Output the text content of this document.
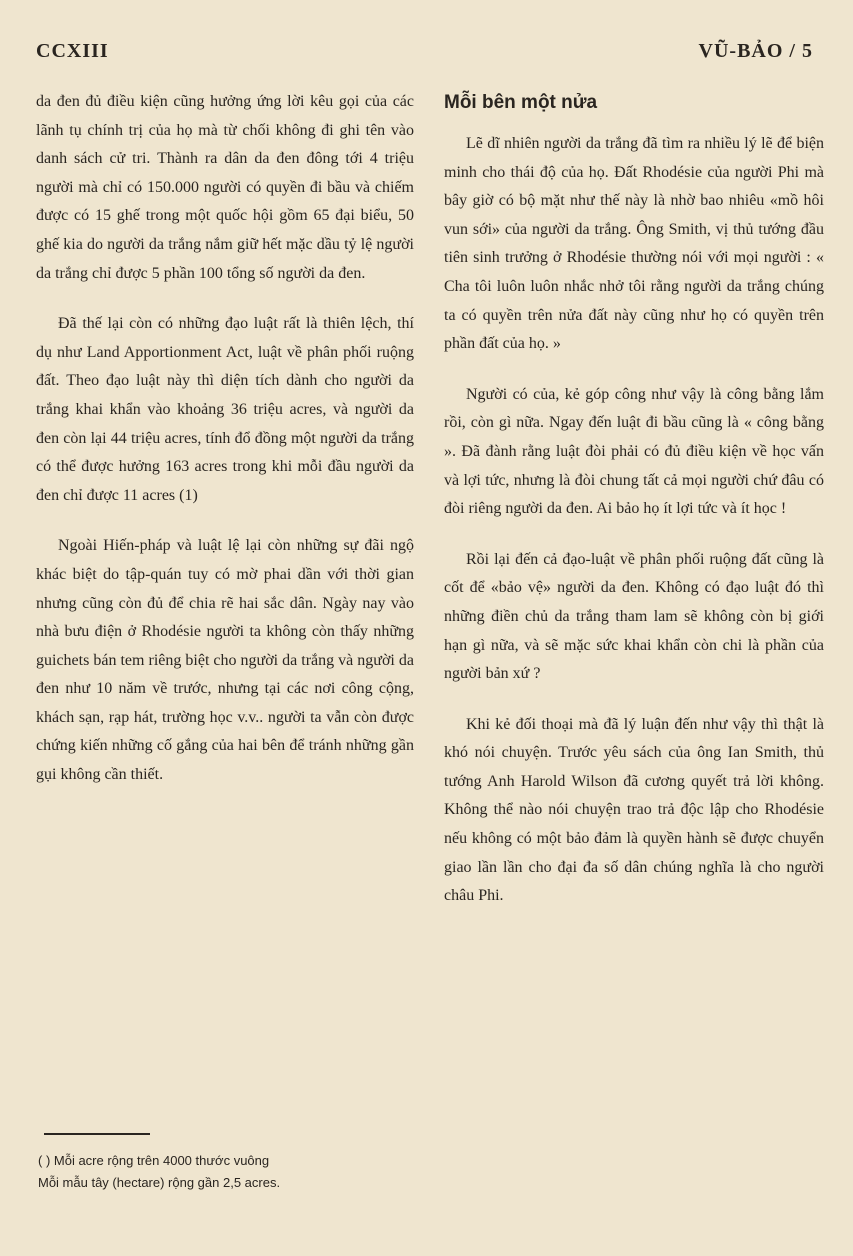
CCXIII	VŨ-BẢO / 5

da đen đủ điều kiện cũng hưởng ứng lời kêu gọi của các lãnh tụ chính trị của họ mà từ chối không đi ghi tên vào danh sách cử tri. Thành ra dân da đen đông tới 4 triệu người mà chỉ có 150.000 người có quyền đi bầu và chiếm được có 15 ghế trong một quốc hội gồm 65 đại biểu, 50 ghế kia do người da trắng nắm giữ hết mặc dầu tỷ lệ người da trắng chỉ được 5 phần 100 tổng số người da đen.

Đã thế lại còn có những đạo luật rất là thiên lệch, thí dụ như Land Apportionment Act, luật về phân phối ruộng đất. Theo đạo luật này thì diện tích dành cho người da trắng khai khẩn vào khoảng 36 triệu acres, và người da đen còn lại 44 triệu acres, tính đổ đồng một người da trắng có thể được hưởng 163 acres trong khi mỗi đầu người da đen chỉ được 11 acres (1)

Ngoài Hiến-pháp và luật lệ lại còn những sự đãi ngộ khác biệt do tập-quán tuy có mờ phai dần với thời gian nhưng cũng còn đủ để chia rẽ hai sắc dân. Ngày nay vào nhà bưu điện ở Rhodésie người ta không còn thấy những guichets bán tem riêng biệt cho người da trắng và người da đen như 10 năm về trước, nhưng tại các nơi công cộng, khách sạn, rạp hát, trường học v.v.. người ta vẫn còn được chứng kiến những cố gắng của hai bên để tránh những gần gụi không cần thiết.

Mỗi bên một nửa

Lẽ dĩ nhiên người da trắng đã tìm ra nhiều lý lẽ để biện minh cho thái độ của họ. Đất Rhodésie của người Phi mà bây giờ có bộ mặt như thế này là nhờ bao nhiêu «mồ hôi vun sới» của người da trắng. Ông Smith, vị thủ tướng đầu tiên sinh trưởng ở Rhodésie thường nói với mọi người : « Cha tôi luôn luôn nhắc nhở tôi rằng người da trắng chúng ta có quyền trên nửa đất này cũng như họ có quyền trên phần đất của họ. »

Người có của, kẻ góp công như vậy là công bằng lắm rồi, còn gì nữa. Ngay đến luật đi bầu cũng là « công bằng ». Đã đành rằng luật đòi phải có đủ điều kiện về học vấn và lợi tức, nhưng là đòi chung tất cả mọi người chứ đâu có đòi riêng người da đen. Ai bảo họ ít lợi tức và ít học !

Rồi lại đến cả đạo-luật về phân phối ruộng đất cũng là cốt để «bảo vệ» người da đen. Không có đạo luật đó thì những điền chủ da trắng tham lam sẽ không còn bị giới hạn gì nữa, và sẽ mặc sức khai khẩn còn chi là phần của người bản xứ ?

Khi kẻ đối thoại mà đã lý luận đến như vậy thì thật là khó nói chuyện. Trước yêu sách của ông Ian Smith, thủ tướng Anh Harold Wilson đã cương quyết trả lời không. Không thể nào nói chuyện trao trả độc lập cho Rhodésie nếu không có một bảo đảm là quyền hành sẽ được chuyển giao lần lần cho đại đa số dân chúng nghĩa là cho người châu Phi.

( ) Mỗi acre rộng trên 4000 thước vuông
Mỗi mẫu tây (hectare) rộng gần 2,5 acres.
